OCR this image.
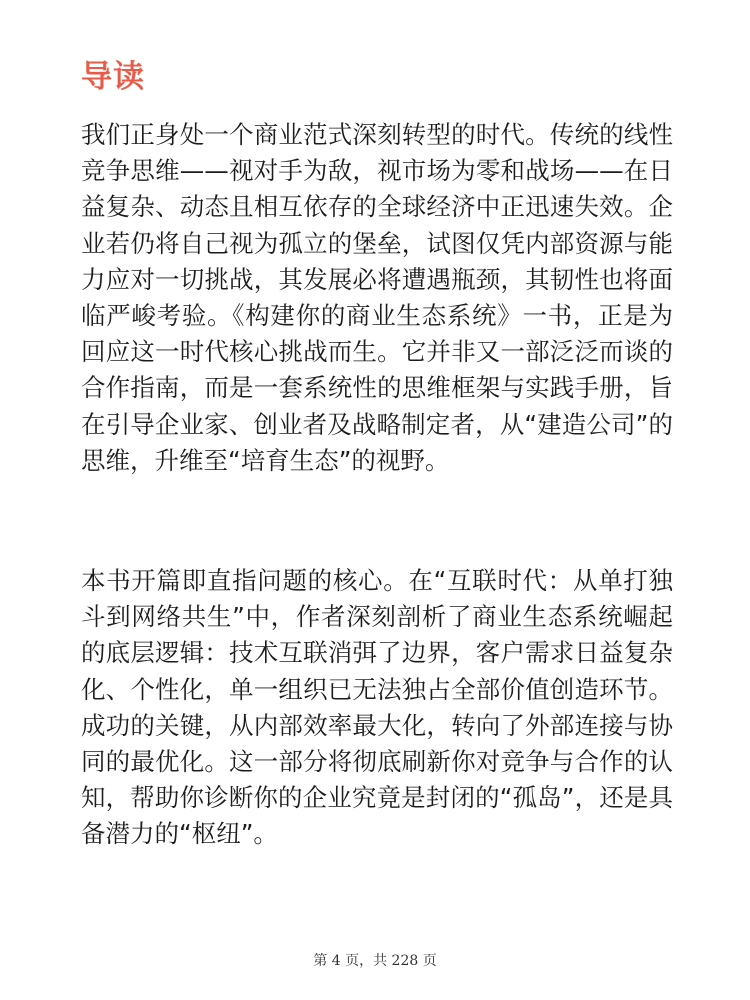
导读

我们正身处一个商业范式深刻转型的时代。传统的线性竞争思维——视对手为敌，视市场为零和战场——在日益复杂、动态且相互依存的全球经济中正迅速失效。企业若仍将自己视为孤立的堡垒，试图仅凭内部资源与能力应对一切挑战，其发展必将遭遇瓶颈，其韧性也将面临严峻考验。《构建你的商业生态系统》一书，正是为回应这一时代核心挑战而生。它并非又一部泛泛而谈的合作指南，而是一套系统性的思维框架与实践手册，旨在引导企业家、创业者及战略制定者，从“建造公司”的思维，升维至“培育生态”的视野。

本书开篇即直指问题的核心。在“互联时代：从单打独斗到网络共生”中，作者深刻剖析了商业生态系统崛起的底层逻辑：技术互联消弭了边界，客户需求日益复杂化、个性化，单一组织已无法独占全部价值创造环节。成功的关键，从内部效率最大化，转向了外部连接与协同的最优化。这一部分将彻底刷新你对竞争与合作的认知，帮助你诊断你的企业究竟是封闭的“孤岛”，还是具备潜力的“枢纽”。

第 4 页，共 228 页
